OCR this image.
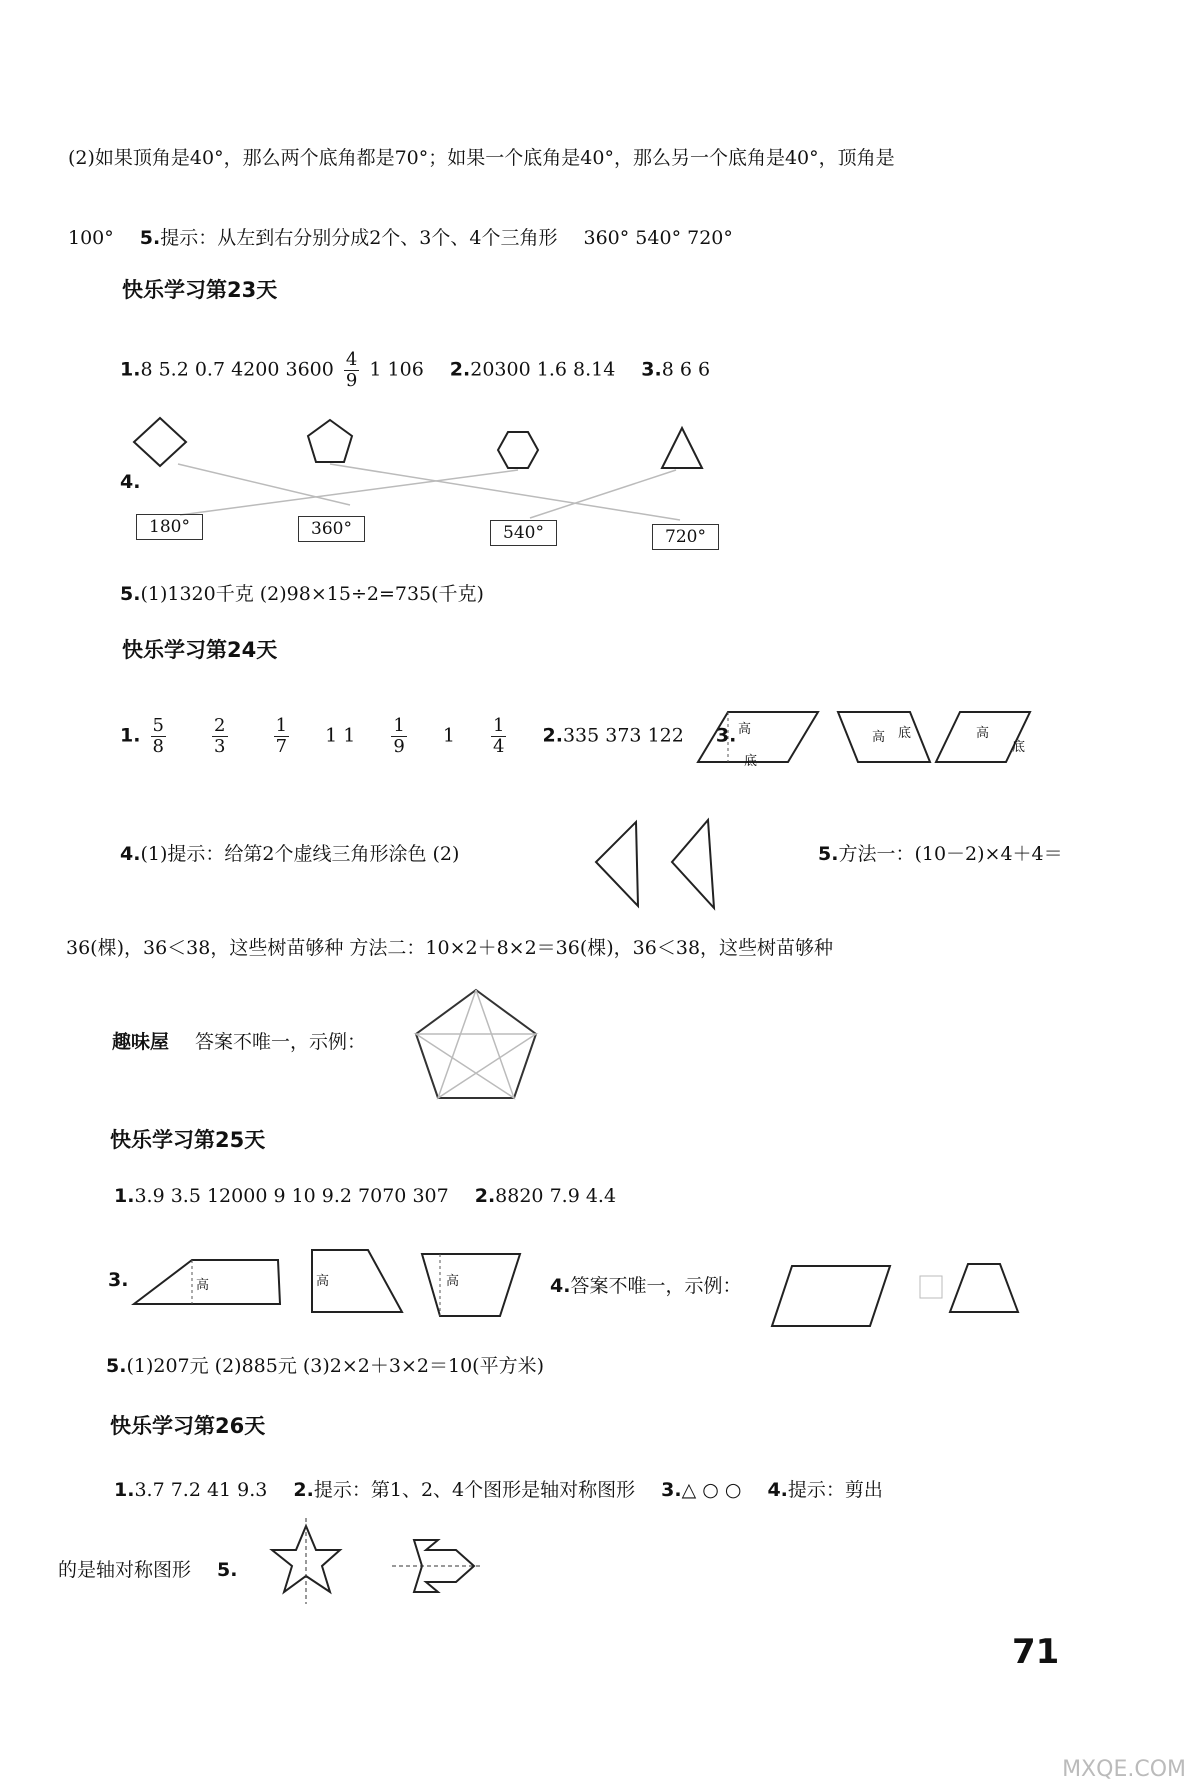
(2)如果顶角是40°，那么两个底角都是70°；如果一个底角是40°，那么另一个底角是40°，顶角是
100° 5.提示：从左到右分别分成2个、3个、4个三角形 360° 540° 720°
快乐学习第23天
1.8 5.2 0.7 4200 $3600 \frac{4}{9} 1$ 106 2.20300 1.6 8.14 3.8 6 6
4.
180°	360°	540°	720°
5.(1)1320千克 (2)98×15÷2=735(千克)
快乐学习第24天
1. $\frac{5}{8}$
	$\frac{2}{3}$
	$\frac{1}{7} 1$ $1 \frac{1}{9} 1 \frac{1}{4} 2.335$ 373 122 3. 高
底
高 底	高
底
4.(1)提示：给第2个虚线三角形涂色 (2)	5.方法一：(10－2)×4＋4＝
36(棵)，36＜38，这些树苗够种 方法二：10×2＋8×2＝36(棵)，36＜38，这些树苗够种
趣味屋 答案不唯一，示例：
快乐学习第25天
1.3.9 3.5 12000 9 10 9.2 7070 307 2.8820 7.9 4.4
3.	高	高	高	4.答案不唯一，示例：
5.(1)207元 (2)885元 (3)2×2＋3×2＝10(平方米)
快乐学习第26天
1.3.7 7.2 41 9.3 2.提示：第1、2、4个图形是轴对称图形 3.△ ○ ○ 4.提示：剪出
的是轴对称图形 5.
71
MXQE.COM
